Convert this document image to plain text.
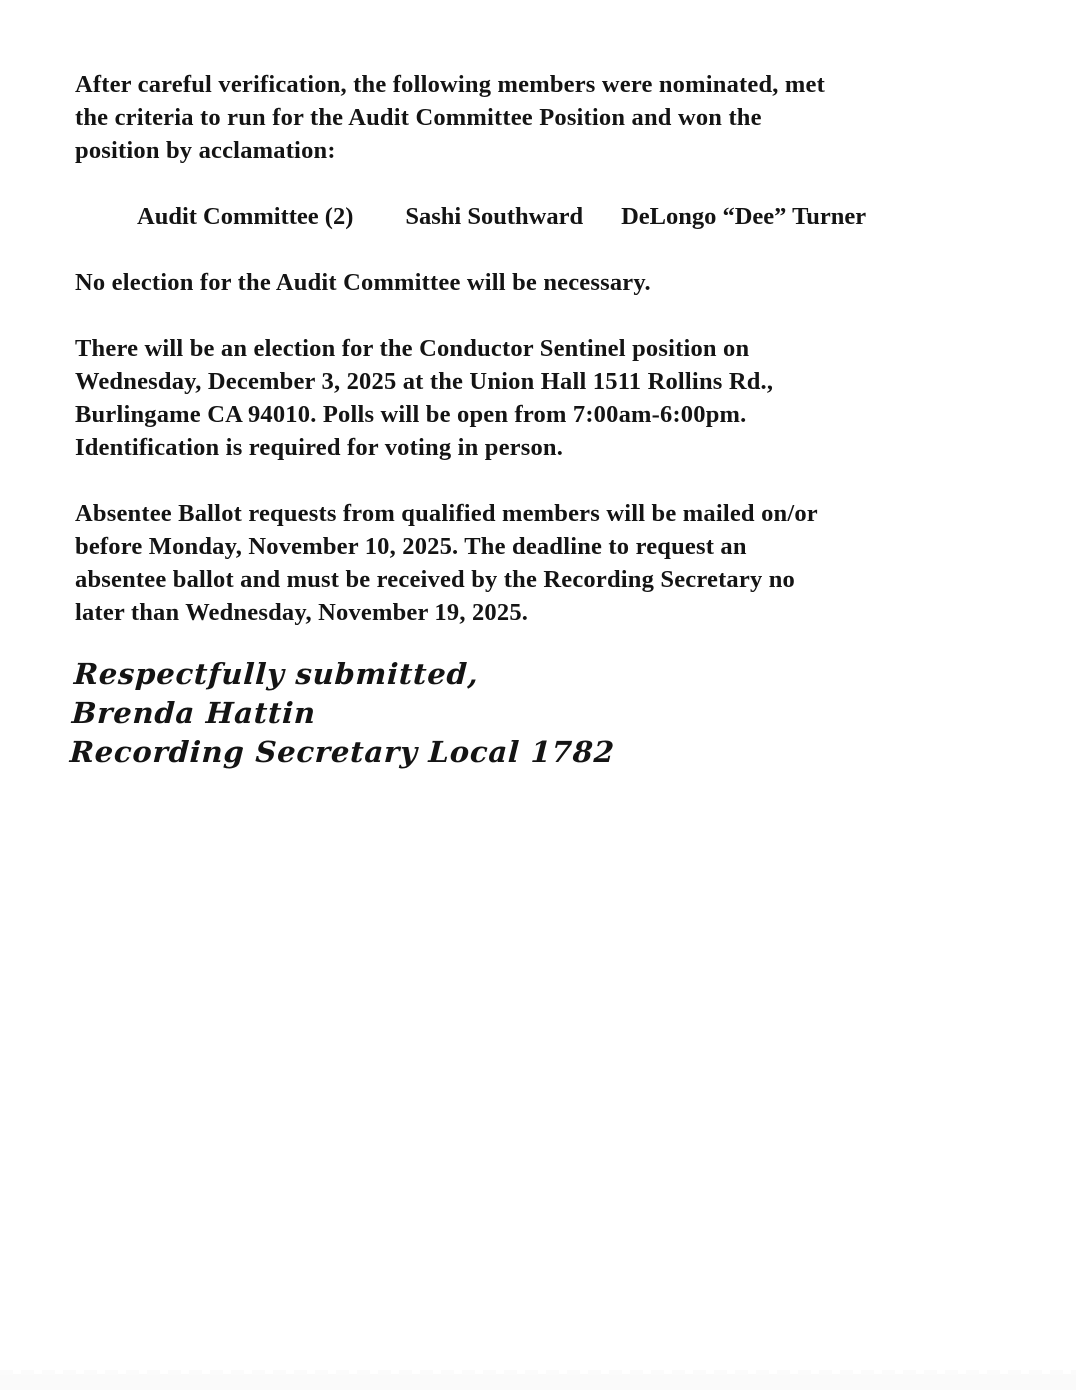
After careful verification, the following members were nominated, met
the criteria to run for the Audit Committee Position and won the
position by acclamation:
Audit Committee (2) Sashi Southward DeLongo “Dee” Turner
No election for the Audit Committee will be necessary.
There will be an election for the Conductor Sentinel position on
Wednesday, December 3, 2025 at the Union Hall 1511 Rollins Rd.,
Burlingame CA 94010. Polls will be open from 7:00am-6:00pm.
Identification is required for voting in person.
Absentee Ballot requests from qualified members will be mailed on/or
before Monday, November 10, 2025. The deadline to request an
absentee ballot and must be received by the Recording Secretary no
later than Wednesday, November 19, 2025.
Respectfully submitted,
Brenda Hattin
Recording Secretary Local 1782
